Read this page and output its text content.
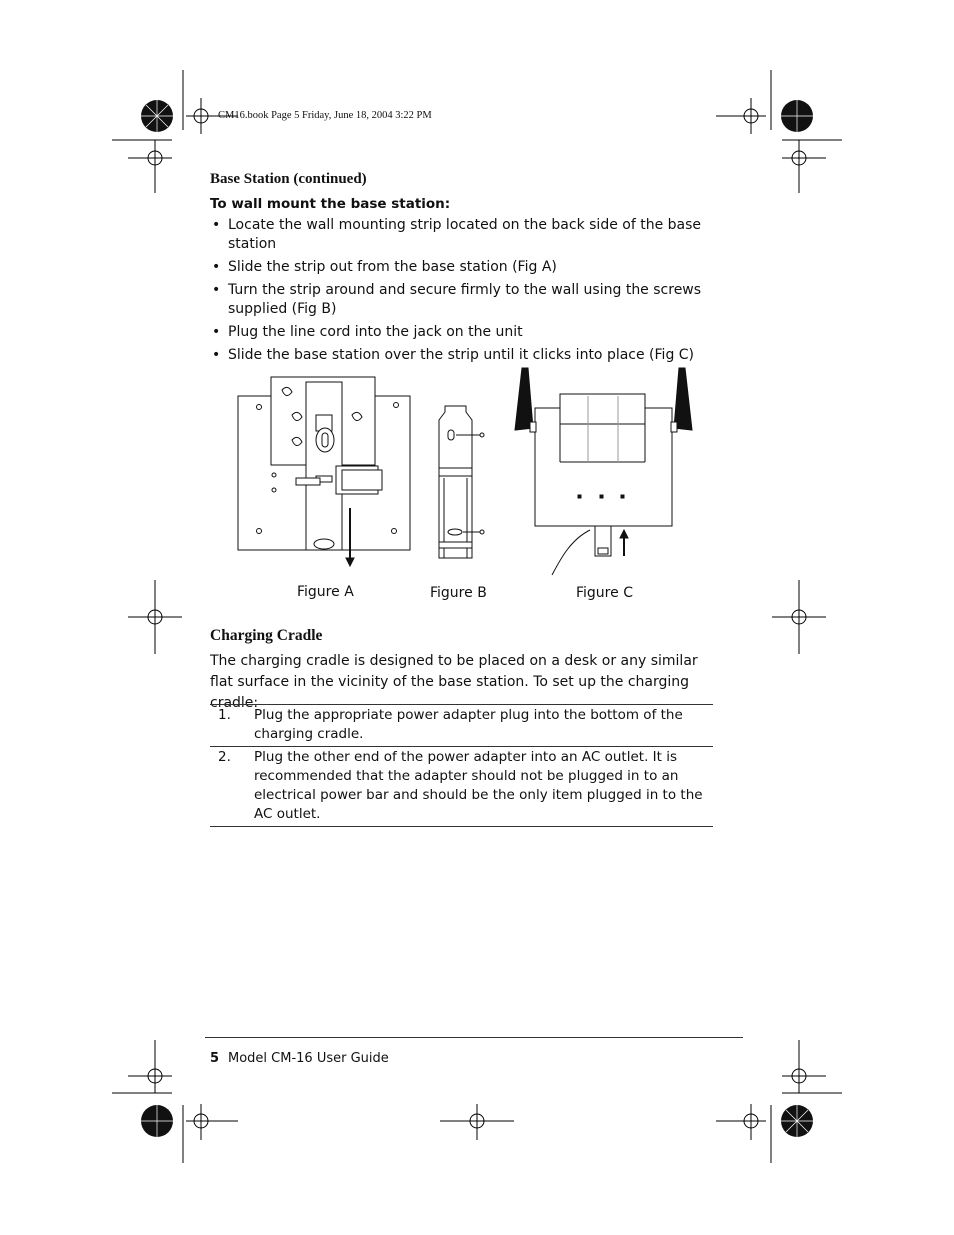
CM16.book Page 5 Friday, June 18, 2004 3:22 PM
Base Station (continued)
To wall mount the base station:
• Locate the wall mounting strip located on the back side of the base station
• Slide the strip out from the base station (Fig A)
• Turn the strip around and secure firmly to the wall using the screws supplied (Fig B)
• Plug the line cord into the jack on the unit
• Slide the base station over the strip until it clicks into place (Fig C)
Figure A	Figure B	Figure C
Charging Cradle
The charging cradle is designed to be placed on a desk or any similar flat surface in the vicinity of the base station. To set up the charging cradle:
1.	Plug the appropriate power adapter plug into the bottom of the charging cradle.
2.	Plug the other end of the power adapter into an AC outlet. It is recommended that the adapter should not be plugged in to an electrical power bar and should be the only item plugged in to the AC outlet.
5 Model CM-16 User Guide
